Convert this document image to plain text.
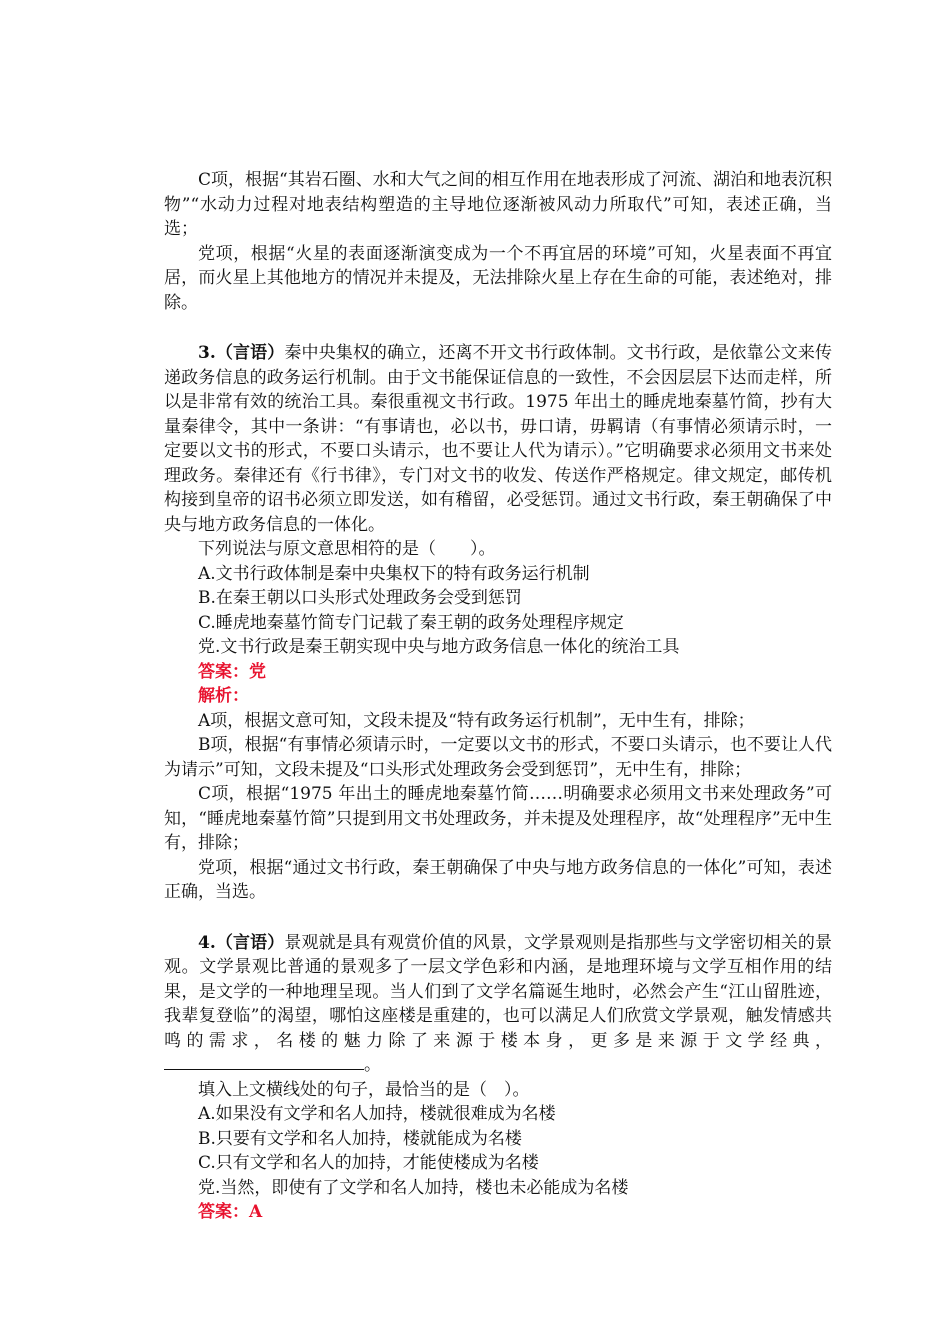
C项，根据“其岩石圈、水和大气之间的相互作用在地表形成了河流、湖泊和地表沉积物”“水动力过程对地表结构塑造的主导地位逐渐被风动力所取代”可知，表述正确，当选；

党项，根据“火星的表面逐渐演变成为一个不再宜居的环境”可知，火星表面不再宜居，而火星上其他地方的情况并未提及，无法排除火星上存在生命的可能，表述绝对，排除。

3.（言语）秦中央集权的确立，还离不开文书行政体制。文书行政，是依靠公文来传递政务信息的政务运行机制。由于文书能保证信息的一致性，不会因层层下达而走样，所以是非常有效的统治工具。秦很重视文书行政。1975 年出土的睡虎地秦墓竹简，抄有大量秦律令，其中一条讲：“有事请也，必以书，毋口请，毋羁请（有事情必须请示时，一定要以文书的形式，不要口头请示，也不要让人代为请示）。”它明确要求必须用文书来处理政务。秦律还有《行书律》，专门对文书的收发、传送作严格规定。律文规定，邮传机构接到皇帝的诏书必须立即发送，如有稽留，必受惩罚。通过文书行政，秦王朝确保了中央与地方政务信息的一体化。

下列说法与原文意思相符的是（　　）。

A.文书行政体制是秦中央集权下的特有政务运行机制

B.在秦王朝以口头形式处理政务会受到惩罚

C.睡虎地秦墓竹简专门记载了秦王朝的政务处理程序规定

党.文书行政是秦王朝实现中央与地方政务信息一体化的统治工具

答案：党

解析：

A项，根据文意可知，文段未提及“特有政务运行机制”，无中生有，排除；

B项，根据“有事情必须请示时，一定要以文书的形式，不要口头请示，也不要让人代为请示”可知，文段未提及“口头形式处理政务会受到惩罚”，无中生有，排除；

C项，根据“1975 年出土的睡虎地秦墓竹简……明确要求必须用文书来处理政务”可知，“睡虎地秦墓竹简”只提到用文书处理政务，并未提及处理程序，故“处理程序”无中生有，排除；

党项，根据“通过文书行政，秦王朝确保了中央与地方政务信息的一体化”可知，表述正确，当选。

4.（言语）景观就是具有观赏价值的风景，文学景观则是指那些与文学密切相关的景观。文学景观比普通的景观多了一层文学色彩和内涵，是地理环境与文学互相作用的结果，是文学的一种地理呈现。当人们到了文学名篇诞生地时，必然会产生“江山留胜迹，我辈复登临”的渴望，哪怕这座楼是重建的，也可以满足人们欣赏文学景观，触发情感共鸣的需求，名楼的魅力除了来源于楼本身，更多是来源于文学经典，。

填入上文横线处的句子，最恰当的是（　）。

A.如果没有文学和名人加持，楼就很难成为名楼

B.只要有文学和名人加持，楼就能成为名楼

C.只有文学和名人的加持，才能使楼成为名楼

党.当然，即使有了文学和名人加持，楼也未必能成为名楼

答案：A
